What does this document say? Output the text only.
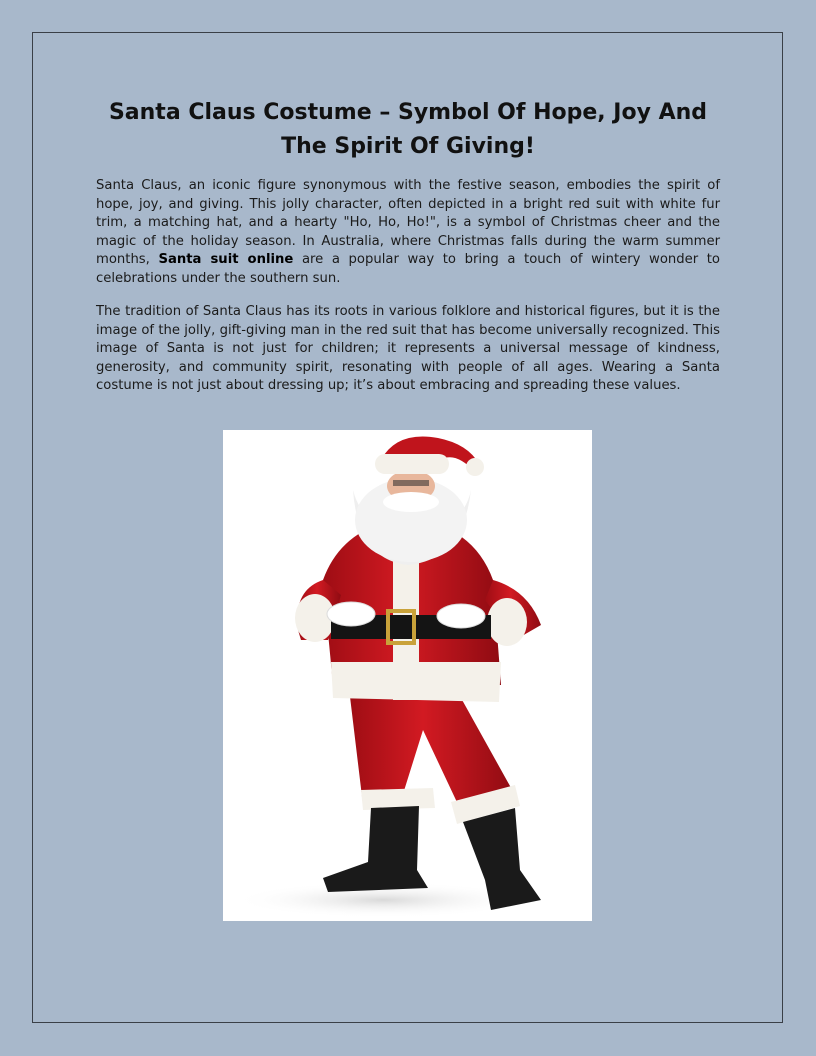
Santa Claus Costume – Symbol Of Hope, Joy And The Spirit Of Giving!

Santa Claus, an iconic figure synonymous with the festive season, embodies the spirit of hope, joy, and giving. This jolly character, often depicted in a bright red suit with white fur trim, a matching hat, and a hearty "Ho, Ho, Ho!", is a symbol of Christmas cheer and the magic of the holiday season. In Australia, where Christmas falls during the warm summer months, Santa suit online are a popular way to bring a touch of wintery wonder to celebrations under the southern sun.

The tradition of Santa Claus has its roots in various folklore and historical figures, but it is the image of the jolly, gift-giving man in the red suit that has become universally recognized. This image of Santa is not just for children; it represents a universal message of kindness, generosity, and community spirit, resonating with people of all ages. Wearing a Santa costume is not just about dressing up; it’s about embracing and spreading these values.
